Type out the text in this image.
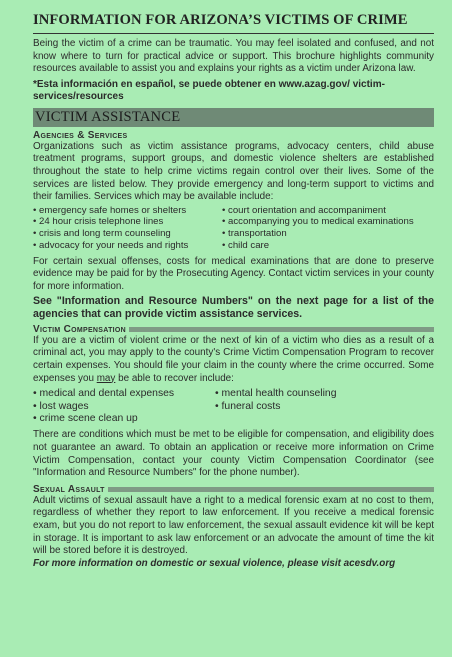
INFORMATION FOR ARIZONA’S VICTIMS OF CRIME

Being the victim of a crime can be traumatic. You may feel isolated and confused, and not know where to turn for practical advice or support. This brochure highlights community resources available to assist you and explains your rights as a victim under Arizona law.

*Esta información en español, se puede obtener en www.azag.gov/ victim-services/resources
VICTIM ASSISTANCE
Agencies & Services

Organizations such as victim assistance programs, advocacy centers, child abuse treatment programs, support groups, and domestic violence shelters are established throughout the state to help crime victims regain control over their lives. Some of the services are listed below. They provide emergency and long-term support to victims and their families. Services which may be available include:

• emergency safe homes or shelters	• court orientation and accompaniment
• 24 hour crisis telephone lines	• accompanying you to medical examinations
• crisis and long term counseling	• transportation
• advocacy for your needs and rights	• child care

For certain sexual offenses, costs for medical examinations that are done to preserve evidence may be paid for by the Prosecuting Agency. Contact victim services in your county for more information.

See "Information and Resource Numbers" on the next page for a list of the agencies that can provide victim assistance services.

Victim Compensation

If you are a victim of violent crime or the next of kin of a victim who dies as a result of a criminal act, you may apply to the county's Crime Victim Compensation Program to recover certain expenses. You should file your claim in the county where the crime occurred. Some expenses you may be able to recover include:

• medical and dental expenses	• mental health counseling
• lost wages	• funeral costs
• crime scene clean up

There are conditions which must be met to be eligible for compensation, and eligibility does not guarantee an award. To obtain an application or receive more information on Crime Victim Compensation, contact your county Victim Compensation Coordinator (see "Information and Resource Numbers" for the phone number).

Sexual Assault

Adult victims of sexual assault have a right to a medical forensic exam at no cost to them, regardless of whether they report to law enforcement. If you receive a medical forensic exam, but you do not report to law enforcement, the sexual assault evidence kit will be kept in storage. It is important to ask law enforcement or an advocate the amount of time the kit will be stored before it is destroyed.

For more information on domestic or sexual violence, please visit acesdv.org
